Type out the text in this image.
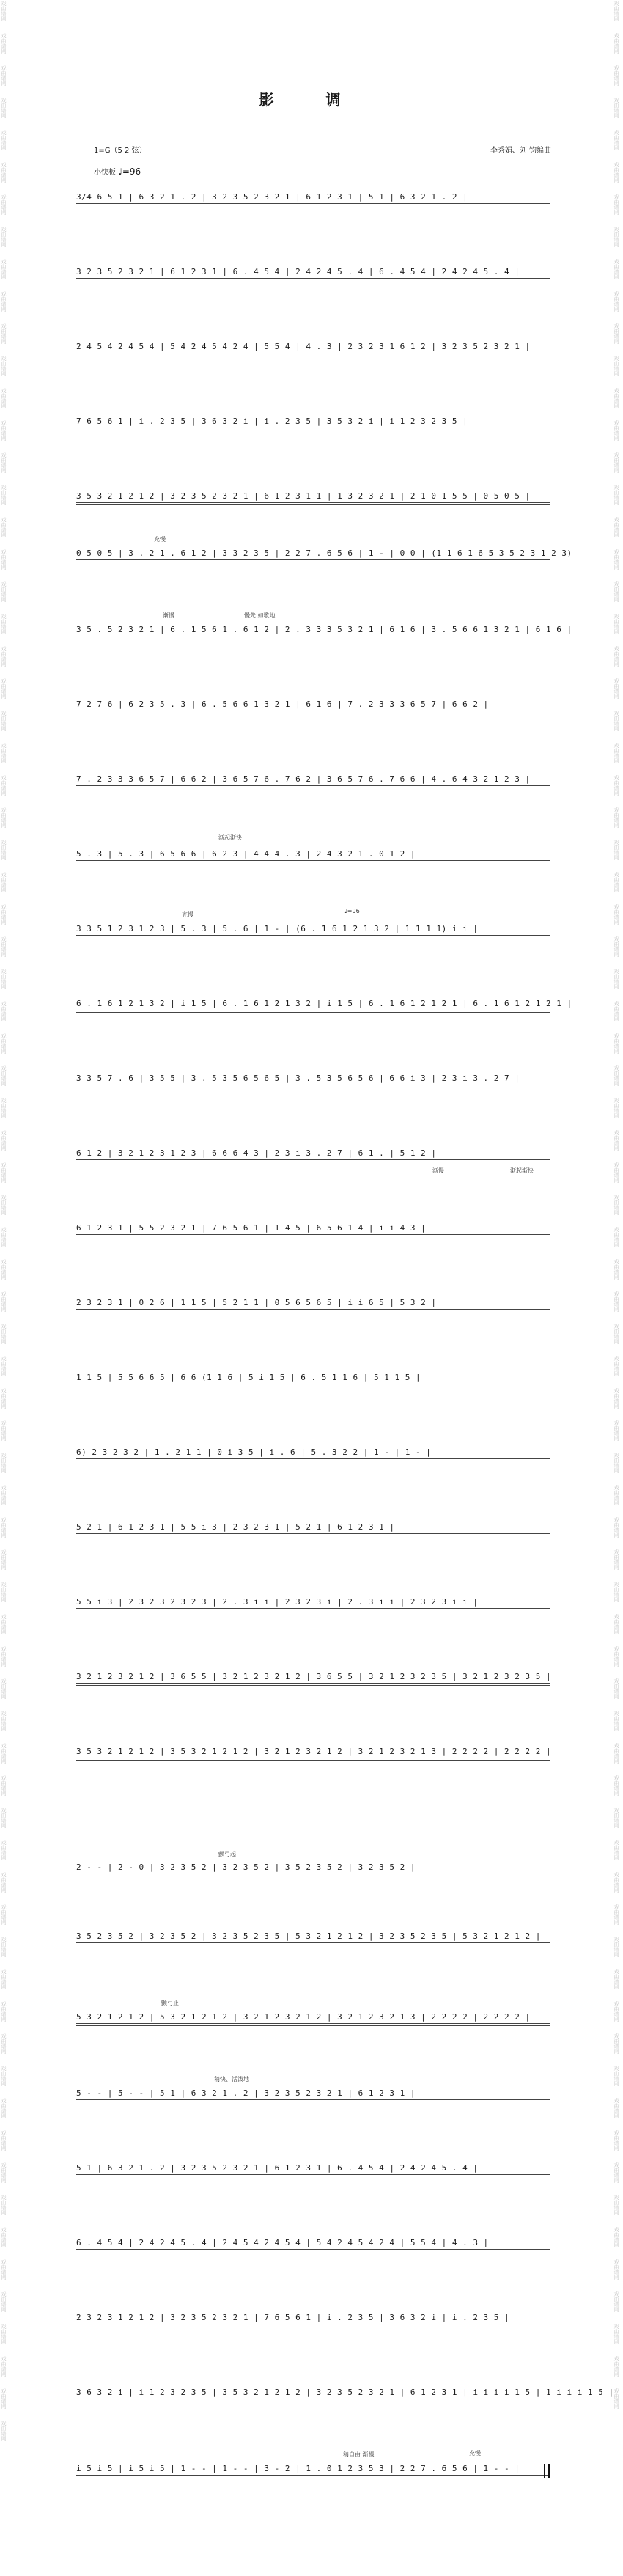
戏曲谱网
戏曲谱网
戏曲谱网
戏曲谱网
戏曲谱网
戏曲谱网
戏曲谱网
戏曲谱网
戏曲谱网
戏曲谱网
戏曲谱网
戏曲谱网
戏曲谱网
戏曲谱网
戏曲谱网
戏曲谱网
戏曲谱网
戏曲谱网
戏曲谱网
戏曲谱网
戏曲谱网
戏曲谱网
戏曲谱网
戏曲谱网
戏曲谱网
戏曲谱网
戏曲谱网
戏曲谱网
戏曲谱网
戏曲谱网
戏曲谱网
戏曲谱网
戏曲谱网
戏曲谱网
戏曲谱网
戏曲谱网
戏曲谱网
戏曲谱网
戏曲谱网
戏曲谱网
戏曲谱网
戏曲谱网
戏曲谱网
戏曲谱网
戏曲谱网
戏曲谱网
戏曲谱网
戏曲谱网
戏曲谱网
戏曲谱网
戏曲谱网
戏曲谱网
戏曲谱网
戏曲谱网
戏曲谱网
戏曲谱网
戏曲谱网
戏曲谱网
戏曲谱网
戏曲谱网
戏曲谱网
戏曲谱网
戏曲谱网
戏曲谱网
戏曲谱网
戏曲谱网
戏曲谱网
戏曲谱网
戏曲谱网
戏曲谱网
戏曲谱网
戏曲谱网
戏曲谱网
戏曲谱网
戏曲谱网
戏曲谱网
戏曲谱网
戏曲谱网
戏曲谱网
戏曲谱网
戏曲谱网
戏曲谱网
戏曲谱网
戏曲谱网
戏曲谱网
戏曲谱网
戏曲谱网
戏曲谱网
戏曲谱网
戏曲谱网
戏曲谱网
戏曲谱网
戏曲谱网
戏曲谱网
戏曲谱网
戏曲谱网
戏曲谱网
戏曲谱网
戏曲谱网
戏曲谱网
戏曲谱网
戏曲谱网
戏曲谱网
戏曲谱网
戏曲谱网
戏曲谱网
戏曲谱网
戏曲谱网
戏曲谱网
戏曲谱网
戏曲谱网
戏曲谱网
戏曲谱网
戏曲谱网
戏曲谱网
戏曲谱网
戏曲谱网
戏曲谱网
戏曲谱网
戏曲谱网
戏曲谱网
戏曲谱网
戏曲谱网
戏曲谱网
戏曲谱网
戏曲谱网
戏曲谱网
戏曲谱网
戏曲谱网
戏曲谱网
戏曲谱网
戏曲谱网
戏曲谱网
戏曲谱网
戏曲谱网
戏曲谱网
戏曲谱网
戏曲谱网
戏曲谱网
戏曲谱网
戏曲谱网
戏曲谱网
戏曲谱网
戏曲谱网
戏曲谱网
戏曲谱网
戏曲谱网
戏曲谱网
戏曲谱网
戏曲谱网
戏曲谱网
影 调
1=G（5 2 弦）	李秀娟、刘 钧编曲
小快板 ♩=96
充慢
渐慢	慢先 如歌地
渐起渐快
充慢
♩=96
渐慢	渐起渐快
颤弓起－－－－－
颤弓止－－－
稍快、活泼地
稍自由 渐慢	充慢
3/4 6 5 1 | 6 3 2 1 . 2 | 3 2 3 5 2 3 2 1 | 6 1 2 3 1 | 5 1 | 6 3 2 1 . 2 |
3 2 3 5 2 3 2 1 | 6 1 2 3 1 | 6 . 4 5 4 | 2 4 2 4 5 . 4 | 6 . 4 5 4 | 2 4 2 4 5 . 4 |
2 4 5 4 2 4 5 4 | 5 4 2 4 5 4 2 4 | 5 5 4 | 4 . 3 | 2 3 2 3 1 6 1 2 | 3 2 3 5 2 3 2 1 |
7 6 5 6 1 | i . 2 3 5 | 3 6 3 2 i | i . 2 3 5 | 3 5 3 2 i | i 1 2 3 2 3 5 |
3 5 3 2 1 2 1 2 | 3 2 3 5 2 3 2 1 | 6 1 2 3 1 1 | 1 3 2 3 2 1 | 2 1 0 1 5 5 | 0 5 0 5 |
0 5 0 5 | 3 . 2 1 . 6 1 2 | 3 3 2 3 5 | 2 2 7 . 6 5 6 | 1 - | 0 0 | (1 1 6 1 6 5 3 5 2 3 1 2 3)
3 5 . 5 2 3 2 1 | 6 . 1 5 6 1 . 6 1 2 | 2 . 3 3 3 5 3 2 1 | 6 1 6 | 3 . 5 6 6 1 3 2 1 | 6 1 6 |
7 2 7 6 | 6 2 3 5 . 3 | 6 . 5 6 6 1 3 2 1 | 6 1 6 | 7 . 2 3 3 3 6 5 7 | 6 6 2 |
7 . 2 3 3 3 6 5 7 | 6 6 2 | 3 6 5 7 6 . 7 6 2 | 3 6 5 7 6 . 7 6 6 | 4 . 6 4 3 2 1 2 3 |
5 . 3 | 5 . 3 | 6 5 6 6 | 6 2 3 | 4 4 4 . 3 | 2 4 3 2 1 . 0 1 2 |
3 3 5 1 2 3 1 2 3 | 5 . 3 | 5 . 6 | 1 - | (6 . 1 6 1 2 1 3 2 | 1 1 1 1) i i |
6 . 1 6 1 2 1 3 2 | i 1 5 | 6 . 1 6 1 2 1 3 2 | i 1 5 | 6 . 1 6 1 2 1 2 1 | 6 . 1 6 1 2 1 2 1 |
3 3 5 7 . 6 | 3 5 5 | 3 . 5 3 5 6 5 6 5 | 3 . 5 3 5 6 5 6 | 6 6 i 3 | 2 3 i 3 . 2 7 |
6 1 2 | 3 2 1 2 3 1 2 3 | 6 6 6 4 3 | 2 3 i 3 . 2 7 | 6 1 . | 5 1 2 |
6 1 2 3 1 | 5 5 2 3 2 1 | 7 6 5 6 1 | 1 4 5 | 6 5 6 1 4 | i i 4 3 |
2 3 2 3 1 | 0 2 6 | 1 1 5 | 5 2 1 1 | 0 5 6 5 6 5 | i i 6 5 | 5 3 2 |
1 1 5 | 5 5 6 6 5 | 6 6 (1 1 6 | 5 i 1 5 | 6 . 5 1 1 6 | 5 1 1 5 |
6) 2 3 2 3 2 | 1 . 2 1 1 | 0 i 3 5 | i . 6 | 5 . 3 2 2 | 1 - | 1 - |
5 2 1 | 6 1 2 3 1 | 5 5 i 3 | 2 3 2 3 1 | 5 2 1 | 6 1 2 3 1 |
5 5 i 3 | 2 3 2 3 2 3 2 3 | 2 . 3 i i | 2 3 2 3 i | 2 . 3 i i | 2 3 2 3 i i |
3 2 1 2 3 2 1 2 | 3 6 5 5 | 3 2 1 2 3 2 1 2 | 3 6 5 5 | 3 2 1 2 3 2 3 5 | 3 2 1 2 3 2 3 5 |
3 5 3 2 1 2 1 2 | 3 5 3 2 1 2 1 2 | 3 2 1 2 3 2 1 2 | 3 2 1 2 3 2 1 3 | 2 2 2 2 | 2 2 2 2 |
2 - - | 2 - 0 | 3 2 3 5 2 | 3 2 3 5 2 | 3 5 2 3 5 2 | 3 2 3 5 2 |
3 5 2 3 5 2 | 3 2 3 5 2 | 3 2 3 5 2 3 5 | 5 3 2 1 2 1 2 | 3 2 3 5 2 3 5 | 5 3 2 1 2 1 2 |
5 3 2 1 2 1 2 | 5 3 2 1 2 1 2 | 3 2 1 2 3 2 1 2 | 3 2 1 2 3 2 1 3 | 2 2 2 2 | 2 2 2 2 |
5 - - | 5 - - | 5 1 | 6 3 2 1 . 2 | 3 2 3 5 2 3 2 1 | 6 1 2 3 1 |
5 1 | 6 3 2 1 . 2 | 3 2 3 5 2 3 2 1 | 6 1 2 3 1 | 6 . 4 5 4 | 2 4 2 4 5 . 4 |
6 . 4 5 4 | 2 4 2 4 5 . 4 | 2 4 5 4 2 4 5 4 | 5 4 2 4 5 4 2 4 | 5 5 4 | 4 . 3 |
2 3 2 3 1 2 1 2 | 3 2 3 5 2 3 2 1 | 7 6 5 6 1 | i . 2 3 5 | 3 6 3 2 i | i . 2 3 5 |
3 6 3 2 i | i 1 2 3 2 3 5 | 3 5 3 2 1 2 1 2 | 3 2 3 5 2 3 2 1 | 6 1 2 3 1 | i i i i 1 5 | 1 i i i 1 5 |
i 5 i 5 | i 5 i 5 | 1 - - | 1 - - | 3 - 2 | 1 . 0 1 2 3 5 3 | 2 2 7 . 6 5 6 | 1 - - |
